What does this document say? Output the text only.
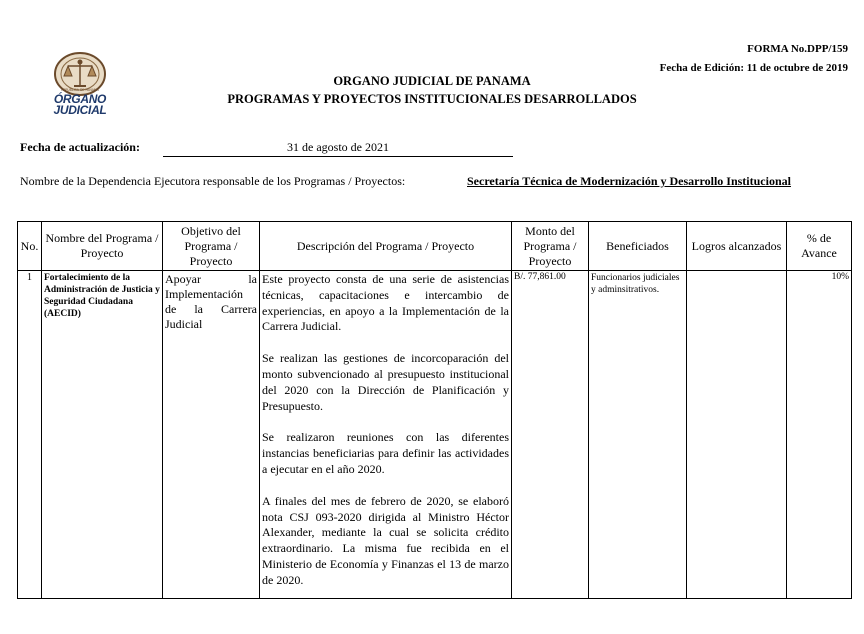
FORMA No.DPP/159
Fecha de Edición: 11 de octubre de 2019
REPÚBLICA DE PANAMÁ
ÓRGANO
JUDICIAL
ORGANO JUDICIAL DE PANAMA
PROGRAMAS Y PROYECTOS INSTITUCIONALES DESARROLLADOS
Fecha de actualización:	31 de agosto de 2021
Nombre de la Dependencia Ejecutora responsable de los Programas / Proyectos:	Secretaría Técnica de Modernización y Desarrollo Institucional
No.	Nombre del Programa / Proyecto	Objetivo del Programa / Proyecto	Descripción del Programa / Proyecto	Monto del Programa / Proyecto	Beneficiados	Logros alcanzados	% de Avance
1	Fortalecimiento de la Administración de Justicia y Seguridad Ciudadana (AECID)	Apoyar la Implementación de la Carrera Judicial	Este proyecto consta de una serie de asistencias técnicas, capacitaciones e intercambio de experiencias, en apoyo a la Implementación de la Carrera Judicial.

Se realizan las gestiones de incorcoparación del monto subvencionado al presupuesto institucional del 2020 con la Dirección de Planificación y Presupuesto.

Se realizaron reuniones con las diferentes instancias beneficiarias para definir las actividades a ejecutar en el año 2020.

A finales del mes de febrero de 2020, se elaboró nota CSJ 093-2020 dirigida al Ministro Héctor Alexander, mediante la cual se solicita crédito extraordinario. La misma fue recibida en el Ministerio de Economía y Finanzas el 13 de marzo de 2020.	B/. 77,861.00	Funcionarios judiciales y adminsitrativos.		10%
